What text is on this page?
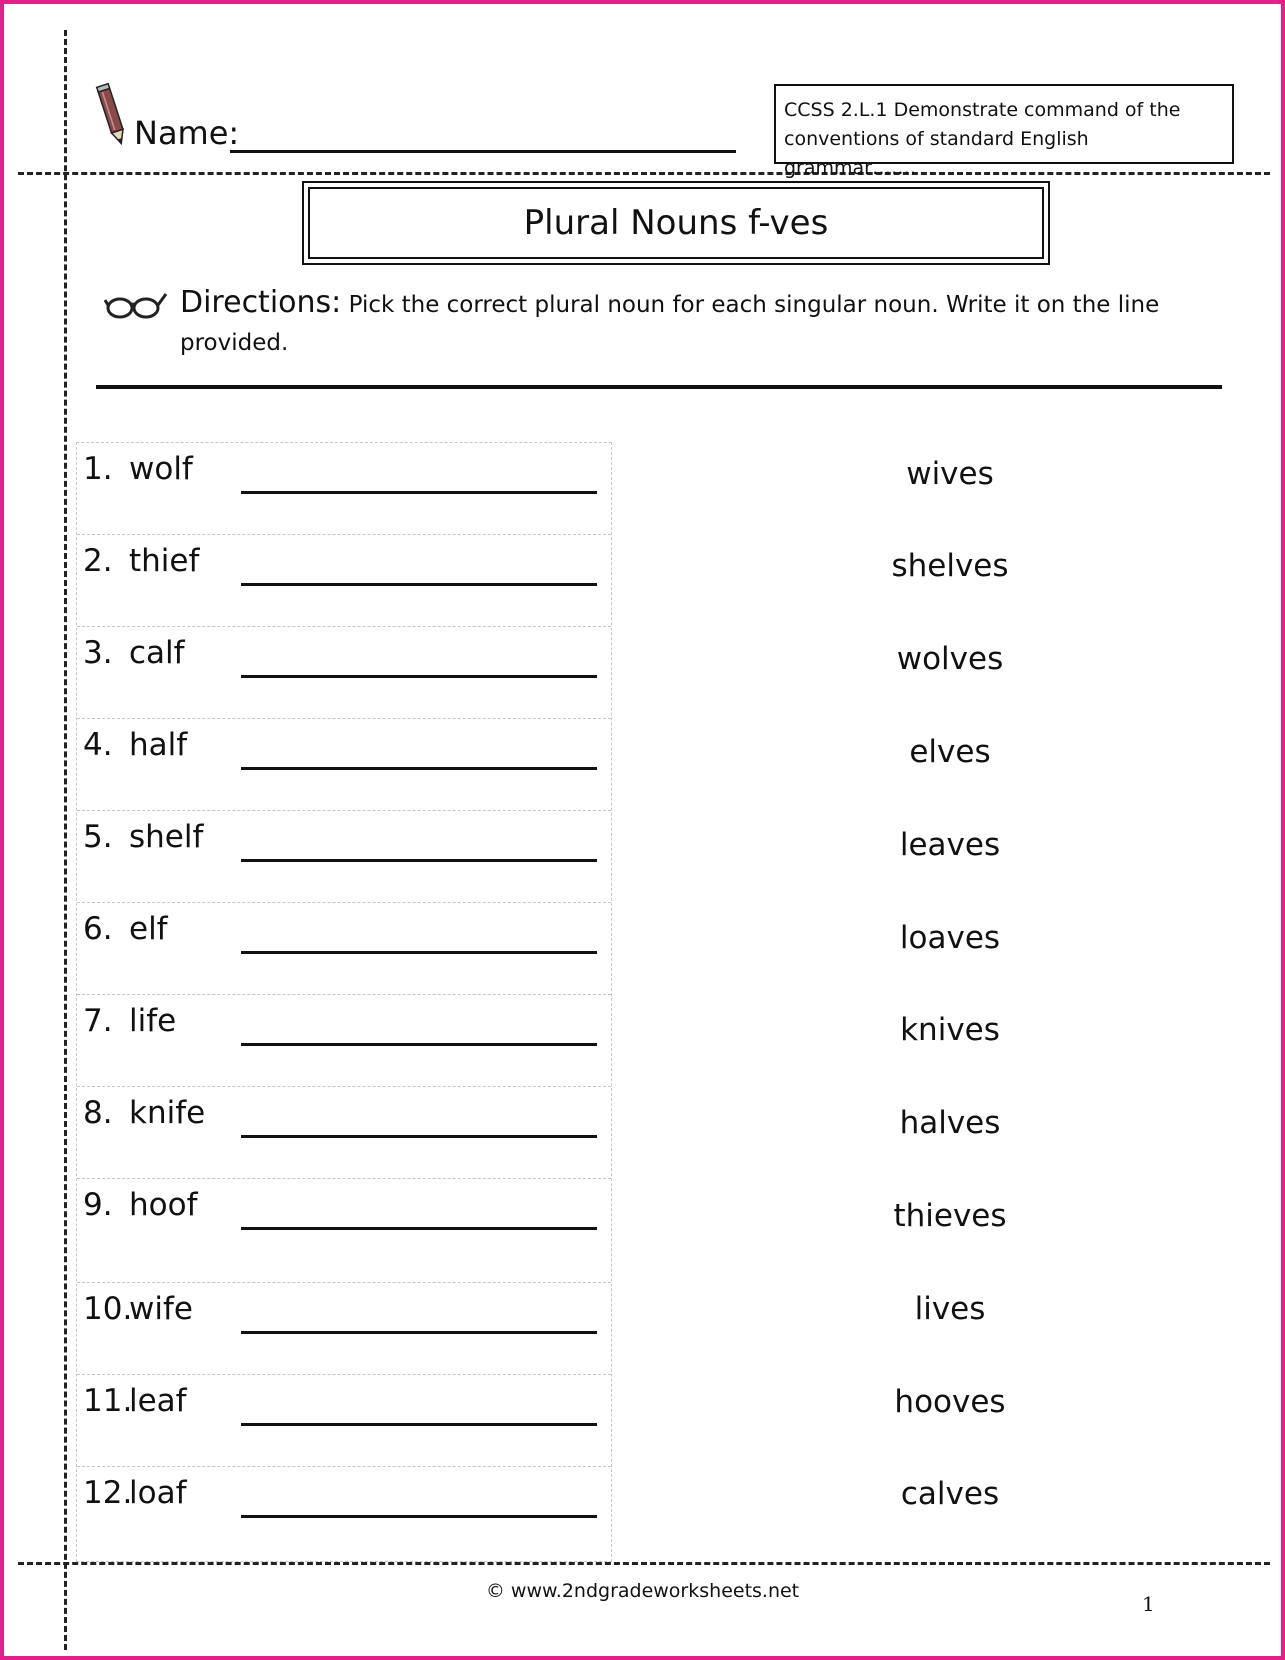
Name:
CCSS 2.L.1 Demonstrate command of the conventions of standard English grammar…….
Plural Nouns f-ves
Directions: Pick the correct plural noun for each singular noun. Write it on the line provided.
1. wolf
2. thief
3. calf
4. half
5. shelf
6. elf
7. life
8. knife
9. hoof
10.
wife
11.
leaf
12.
loaf
wives
shelves
wolves
elves
leaves
loaves
knives
halves
thieves
lives
hooves
calves
© www.2ndgradeworksheets.net
1
